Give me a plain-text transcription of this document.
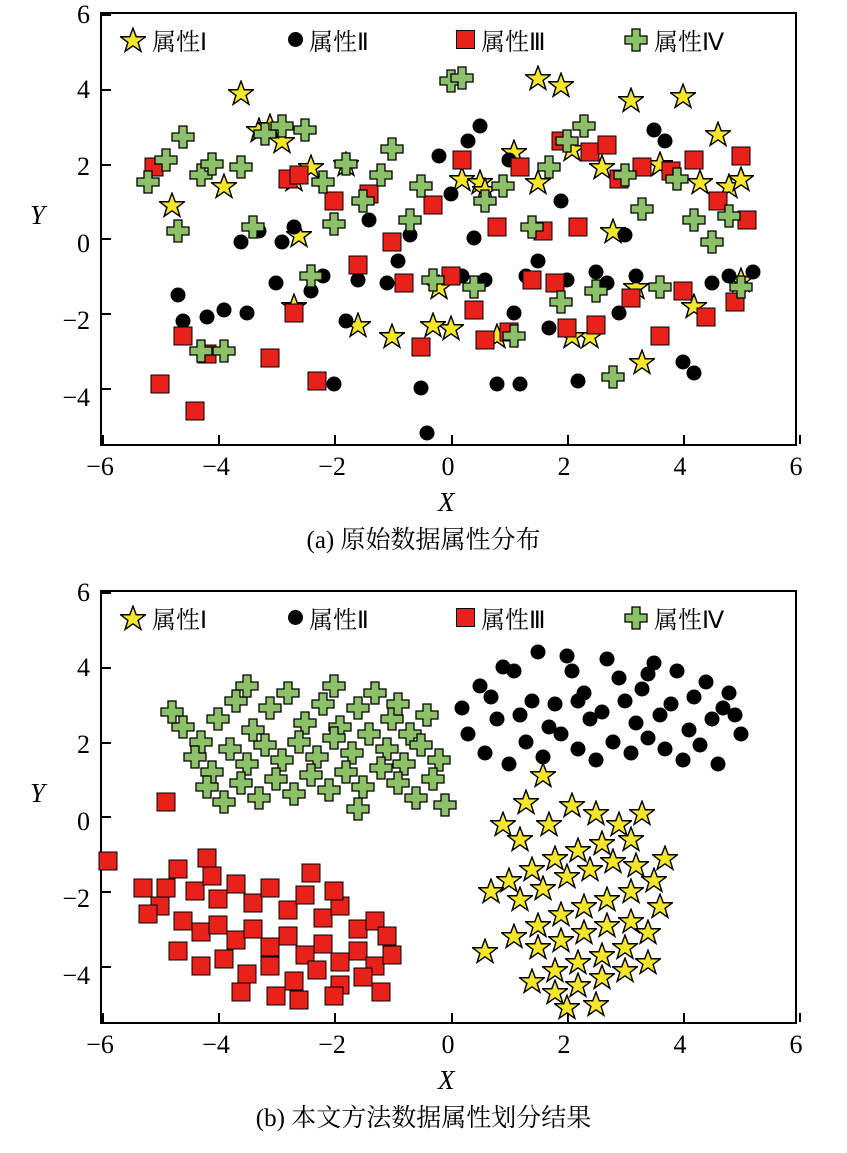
Y
X
6
4
2
0
−2
−4
−6	−4	−2	0	2	4	6
属性Ⅰ	属性Ⅱ	属性Ⅲ	属性Ⅳ
(a) 原始数据属性分布
Y
X
6
4
2
0
−2
−4
−6	−4	−2	0	2	4	6
属性Ⅰ	属性Ⅱ	属性Ⅲ	属性Ⅳ
(b) 本文方法数据属性划分结果
